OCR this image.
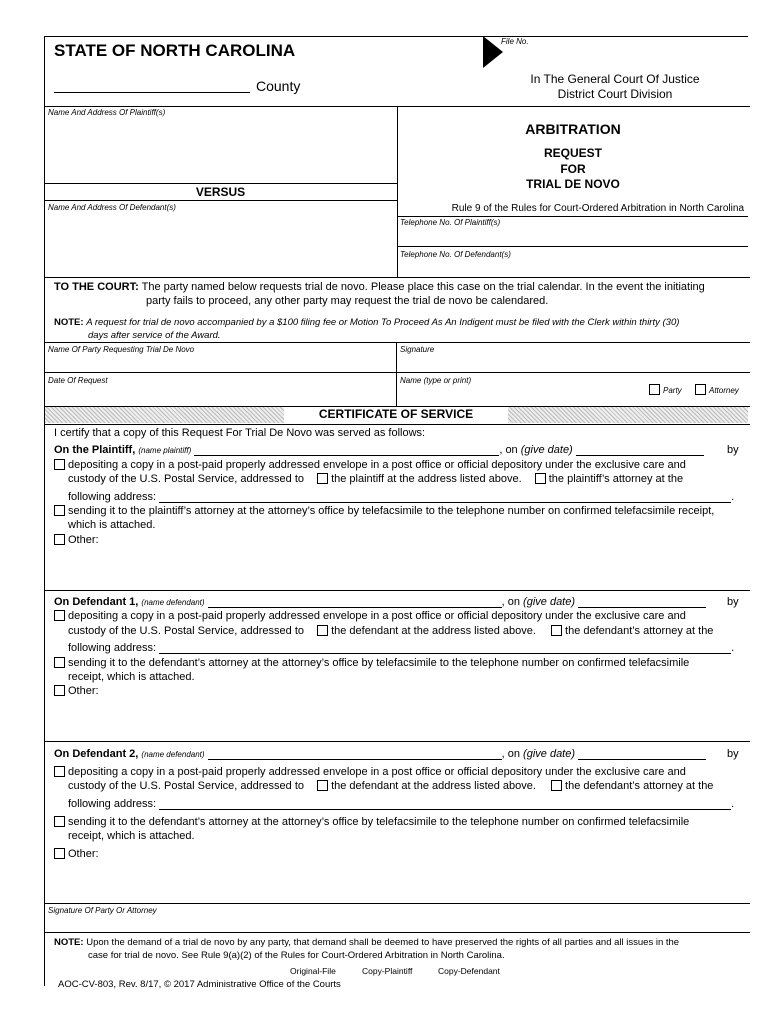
File No.
STATE OF NORTH CAROLINA
County	In The General Court Of Justice
District Court Division
Name And Address Of Plaintiff(s)
VERSUS
Name And Address Of Defendant(s)
ARBITRATION
REQUEST
FOR
TRIAL DE NOVO
Rule 9 of the Rules for Court-Ordered Arbitration in North Carolina
Telephone No. Of Plaintiff(s)
Telephone No. Of Defendant(s)
TO THE COURT: The party named below requests trial de novo. Please place this case on the trial calendar. In the event the initiating
party fails to proceed, any other party may request the trial de novo be calendared.
NOTE: A request for trial de novo accompanied by a $100 filing fee or Motion To Proceed As An Indigent must be filed with the Clerk within thirty (30)
days after service of the Award.
Name Of Party Requesting Trial De Novo	Signature
Date Of Request	Name (type or print)
Party	Attorney
CERTIFICATE OF SERVICE
I certify that a copy of this Request For Trial De Novo was served as follows:
On the Plaintiff, (name plaintiff)	, on (give date)	by
depositing a copy in a post-paid properly addressed envelope in a post office or official depository under the exclusive care and
custody of the U.S. Postal Service, addressed to the plaintiff at the address listed above. the plaintiff’s attorney at the
following address:	.
sending it to the plaintiff’s attorney at the attorney’s office by telefacsimile to the telephone number on confirmed telefacsimile receipt,
which is attached.
Other:
On Defendant 1, (name defendant)	, on (give date)	by
depositing a copy in a post-paid properly addressed envelope in a post office or official depository under the exclusive care and
custody of the U.S. Postal Service, addressed to the defendant at the address listed above.	the defendant’s attorney at the
following address:	.
sending it to the defendant’s attorney at the attorney’s office by telefacsimile to the telephone number on confirmed telefacsimile
receipt, which is attached.
Other:
On Defendant 2, (name defendant)	, on (give date)	by
depositing a copy in a post-paid properly addressed envelope in a post office or official depository under the exclusive care and
custody of the U.S. Postal Service, addressed to the defendant at the address listed above.	the defendant’s attorney at the
following address:	.
sending it to the defendant’s attorney at the attorney’s office by telefacsimile to the telephone number on confirmed telefacsimile
receipt, which is attached.
Other:
Signature Of Party Or Attorney
NOTE: Upon the demand of a trial de novo by any party, that demand shall be deemed to have preserved the rights of all parties and all issues in the
case for trial de novo. See Rule 9(a)(2) of the Rules for Court-Ordered Arbitration in North Carolina.
Original-File	Copy-Plaintiff	Copy-Defendant
AOC-CV-803, Rev. 8/17, © 2017 Administrative Office of the Courts
